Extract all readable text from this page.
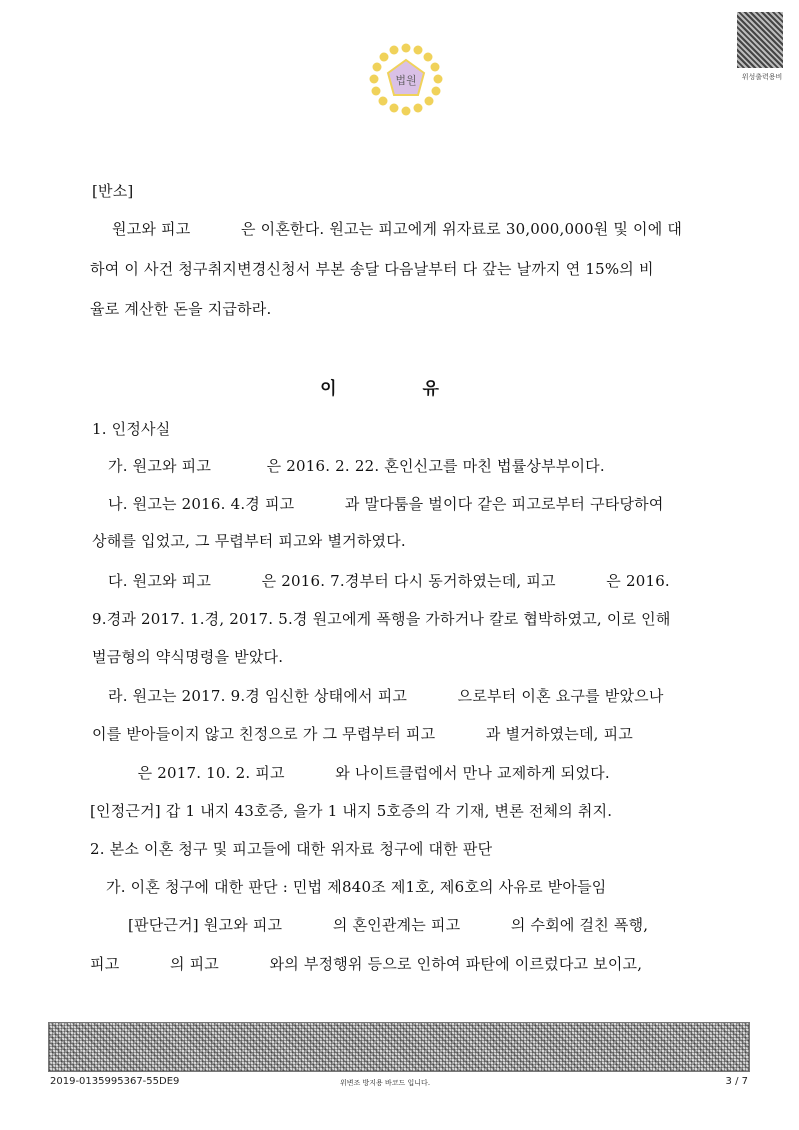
법원	위성출력용비
[반소]
원고와 피고 　　　은 이혼한다. 원고는 피고에게 위자료로 30,000,000원 및 이에 대
하여 이 사건 청구취지변경신청서 부본 송달 다음날부터 다 갚는 날까지 연 15%의 비
율로 계산한 돈을 지급하라.
이 유
1. 인정사실
가. 원고와 피고 　　　 은 2016. 2. 22. 혼인신고를 마친 법률상부부이다.
나. 원고는 2016. 4.경 피고 　　　과 말다툼을 벌이다 같은 피고로부터 구타당하여
상해를 입었고, 그 무렵부터 피고와 별거하였다.
다. 원고와 피고 　　　은 2016. 7.경부터 다시 동거하였는데, 피고 　　　은 2016.
9.경과 2017. 1.경, 2017. 5.경 원고에게 폭행을 가하거나 칼로 협박하였고, 이로 인해
벌금형의 약식명령을 받았다.
라. 원고는 2017. 9.경 임신한 상태에서 피고 　　　으로부터 이혼 요구를 받았으나
이를 받아들이지 않고 친정으로 가 그 무렵부터 피고 　　　과 별거하였는데, 피고
　　　은 2017. 10. 2. 피고 　　　와 나이트클럽에서 만나 교제하게 되었다.
[인정근거] 갑 1 내지 43호증, 을가 1 내지 5호증의 각 기재, 변론 전체의 취지.
2. 본소 이혼 청구 및 피고들에 대한 위자료 청구에 대한 판단
가. 이혼 청구에 대한 판단 : 민법 제840조 제1호, 제6호의 사유로 받아들임
[판단근거] 원고와 피고 　　　의 혼인관계는 피고 　　　의 수회에 걸친 폭행,
피고 　　　의 피고 　　　와의 부정행위 등으로 인하여 파탄에 이르렀다고 보이고,
2019-0135995367-55DE9	위변조 방지용 바코드 입니다.	3 / 7
